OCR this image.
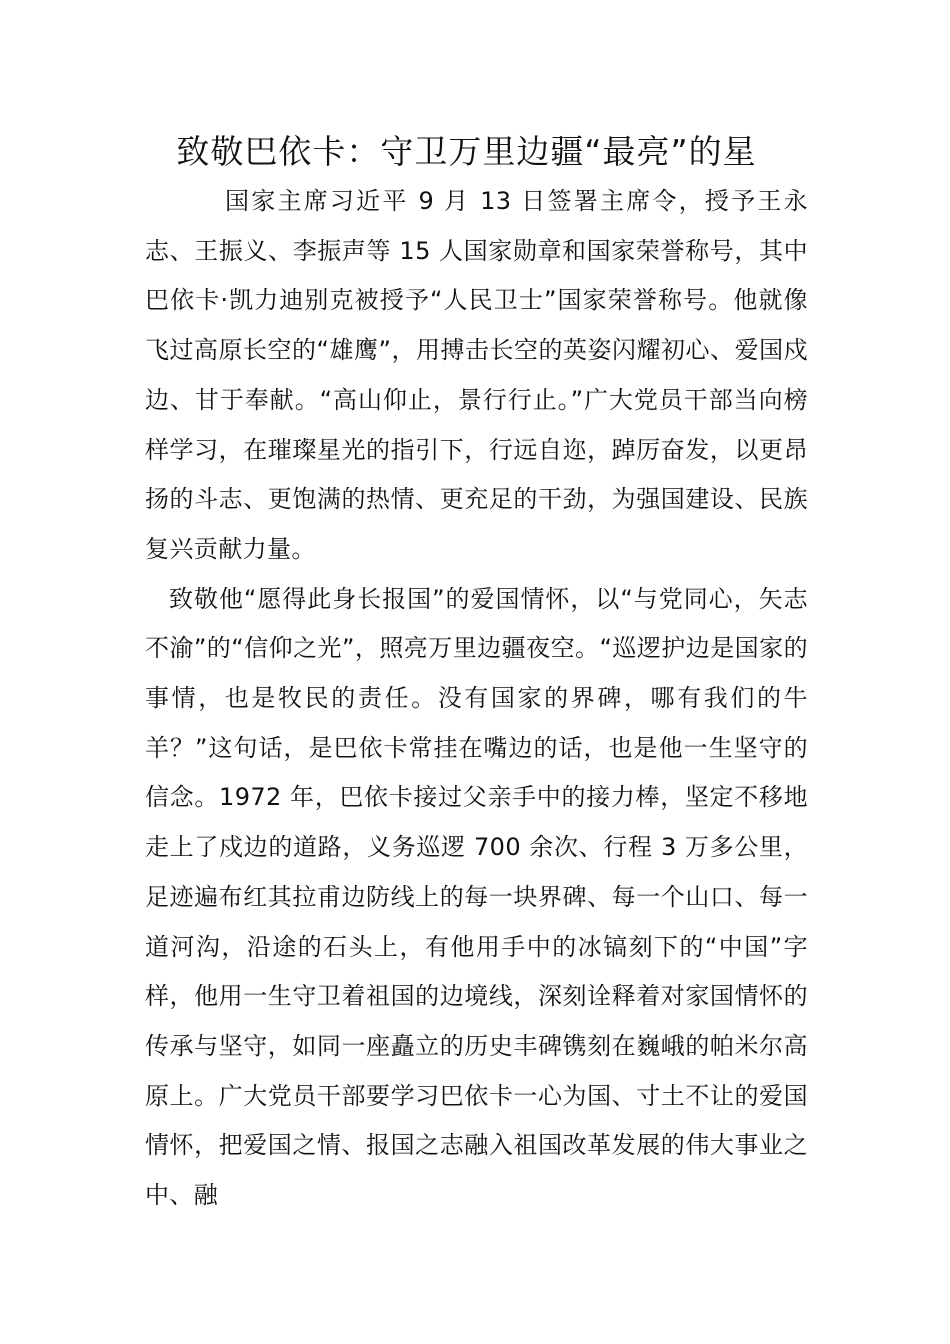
致敬巴依卡：守卫万里边疆“最亮”的星

国家主席习近平 9 月 13 日签署主席令，授予王永志、王振义、李振声等 15 人国家勋章和国家荣誉称号，其中巴依卡·凯力迪别克被授予“人民卫士”国家荣誉称号。他就像飞过高原长空的“雄鹰”，用搏击长空的英姿闪耀初心、爱国戍边、甘于奉献。“高山仰止，景行行止。”广大党员干部当向榜样学习，在璀璨星光的指引下，行远自迩，踔厉奋发，以更昂扬的斗志、更饱满的热情、更充足的干劲，为强国建设、民族复兴贡献力量。

致敬他“愿得此身长报国”的爱国情怀，以“与党同心，矢志不渝”的“信仰之光”，照亮万里边疆夜空。“巡逻护边是国家的事情，也是牧民的责任。没有国家的界碑，哪有我们的牛羊？”这句话，是巴依卡常挂在嘴边的话，也是他一生坚守的信念。1972 年，巴依卡接过父亲手中的接力棒，坚定不移地走上了戍边的道路，义务巡逻 700 余次、行程 3 万多公里，足迹遍布红其拉甫边防线上的每一块界碑、每一个山口、每一道河沟，沿途的石头上，有他用手中的冰镐刻下的“中国”字样，他用一生守卫着祖国的边境线，深刻诠释着对家国情怀的传承与坚守，如同一座矗立的历史丰碑镌刻在巍峨的帕米尔高原上。广大党员干部要学习巴依卡一心为国、寸土不让的爱国情怀，把爱国之情、报国之志融入祖国改革发展的伟大事业之中、融
